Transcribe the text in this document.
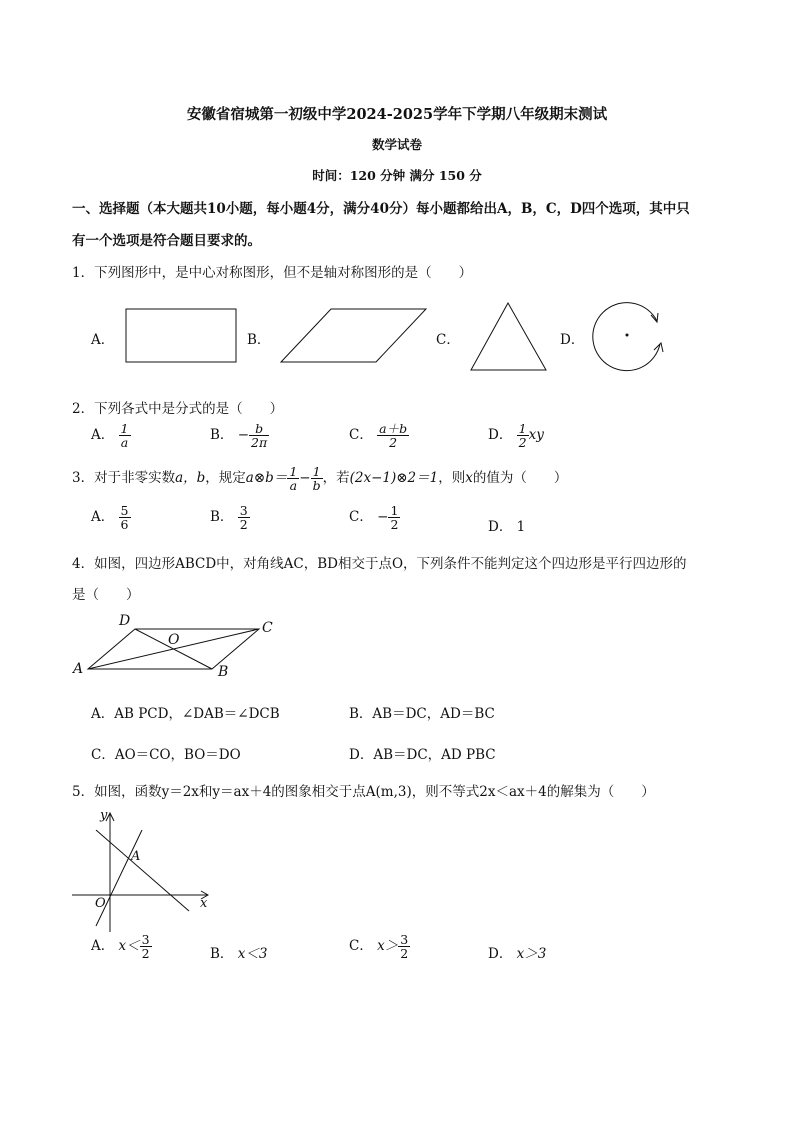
安徽省宿城第一初级中学2024-2025学年下学期八年级期末测试
数学试卷
时间：120 分钟 满分 150 分
一、选择题（本大题共10小题，每小题4分，满分40分）每小题都给出A，B，C，D四个选项，其中只
有一个选项是符合题目要求的。
1．下列图形中，是中心对称图形，但不是轴对称图形的是（　　）
A．	B．	C．	D．
2．下列各式中是分式的是（　　）
A． $\frac{1}{a}$	B． − $\frac{b}{2\pi}$	C． $\frac{a+b}{2}$	D． $\frac{1}{2}$ xy
3．对于非零实数a，b，规定a⊗b＝ $\frac{1}{a} - \frac{1}{b}$ ，若(2x−1)⊗2＝1，则x的值为（　　）
A． $\frac{5}{6}$	B． $\frac{3}{2}$	C． − $\frac{1}{2}$	D． 1
4．如图，四边形ABCD中，对角线AC，BD相交于点O，下列条件不能判定这个四边形是平行四边形的
是（　　）
D
O
C
A	B
A．AB PCD，∠DAB＝∠DCB	B．AB＝DC，AD＝BC
C．AO＝CO，BO＝DO	D．AB＝DC，AD PBC
5．如图，函数y＝2x和y＝ax＋4的图象相交于点A(m,3)，则不等式2x＜ax＋4的解集为（　　）
y
x
O
A
A． $x< \frac{3}{2}$	B． x＜3	C． $x> \frac{3}{2}$	D． x＞3
